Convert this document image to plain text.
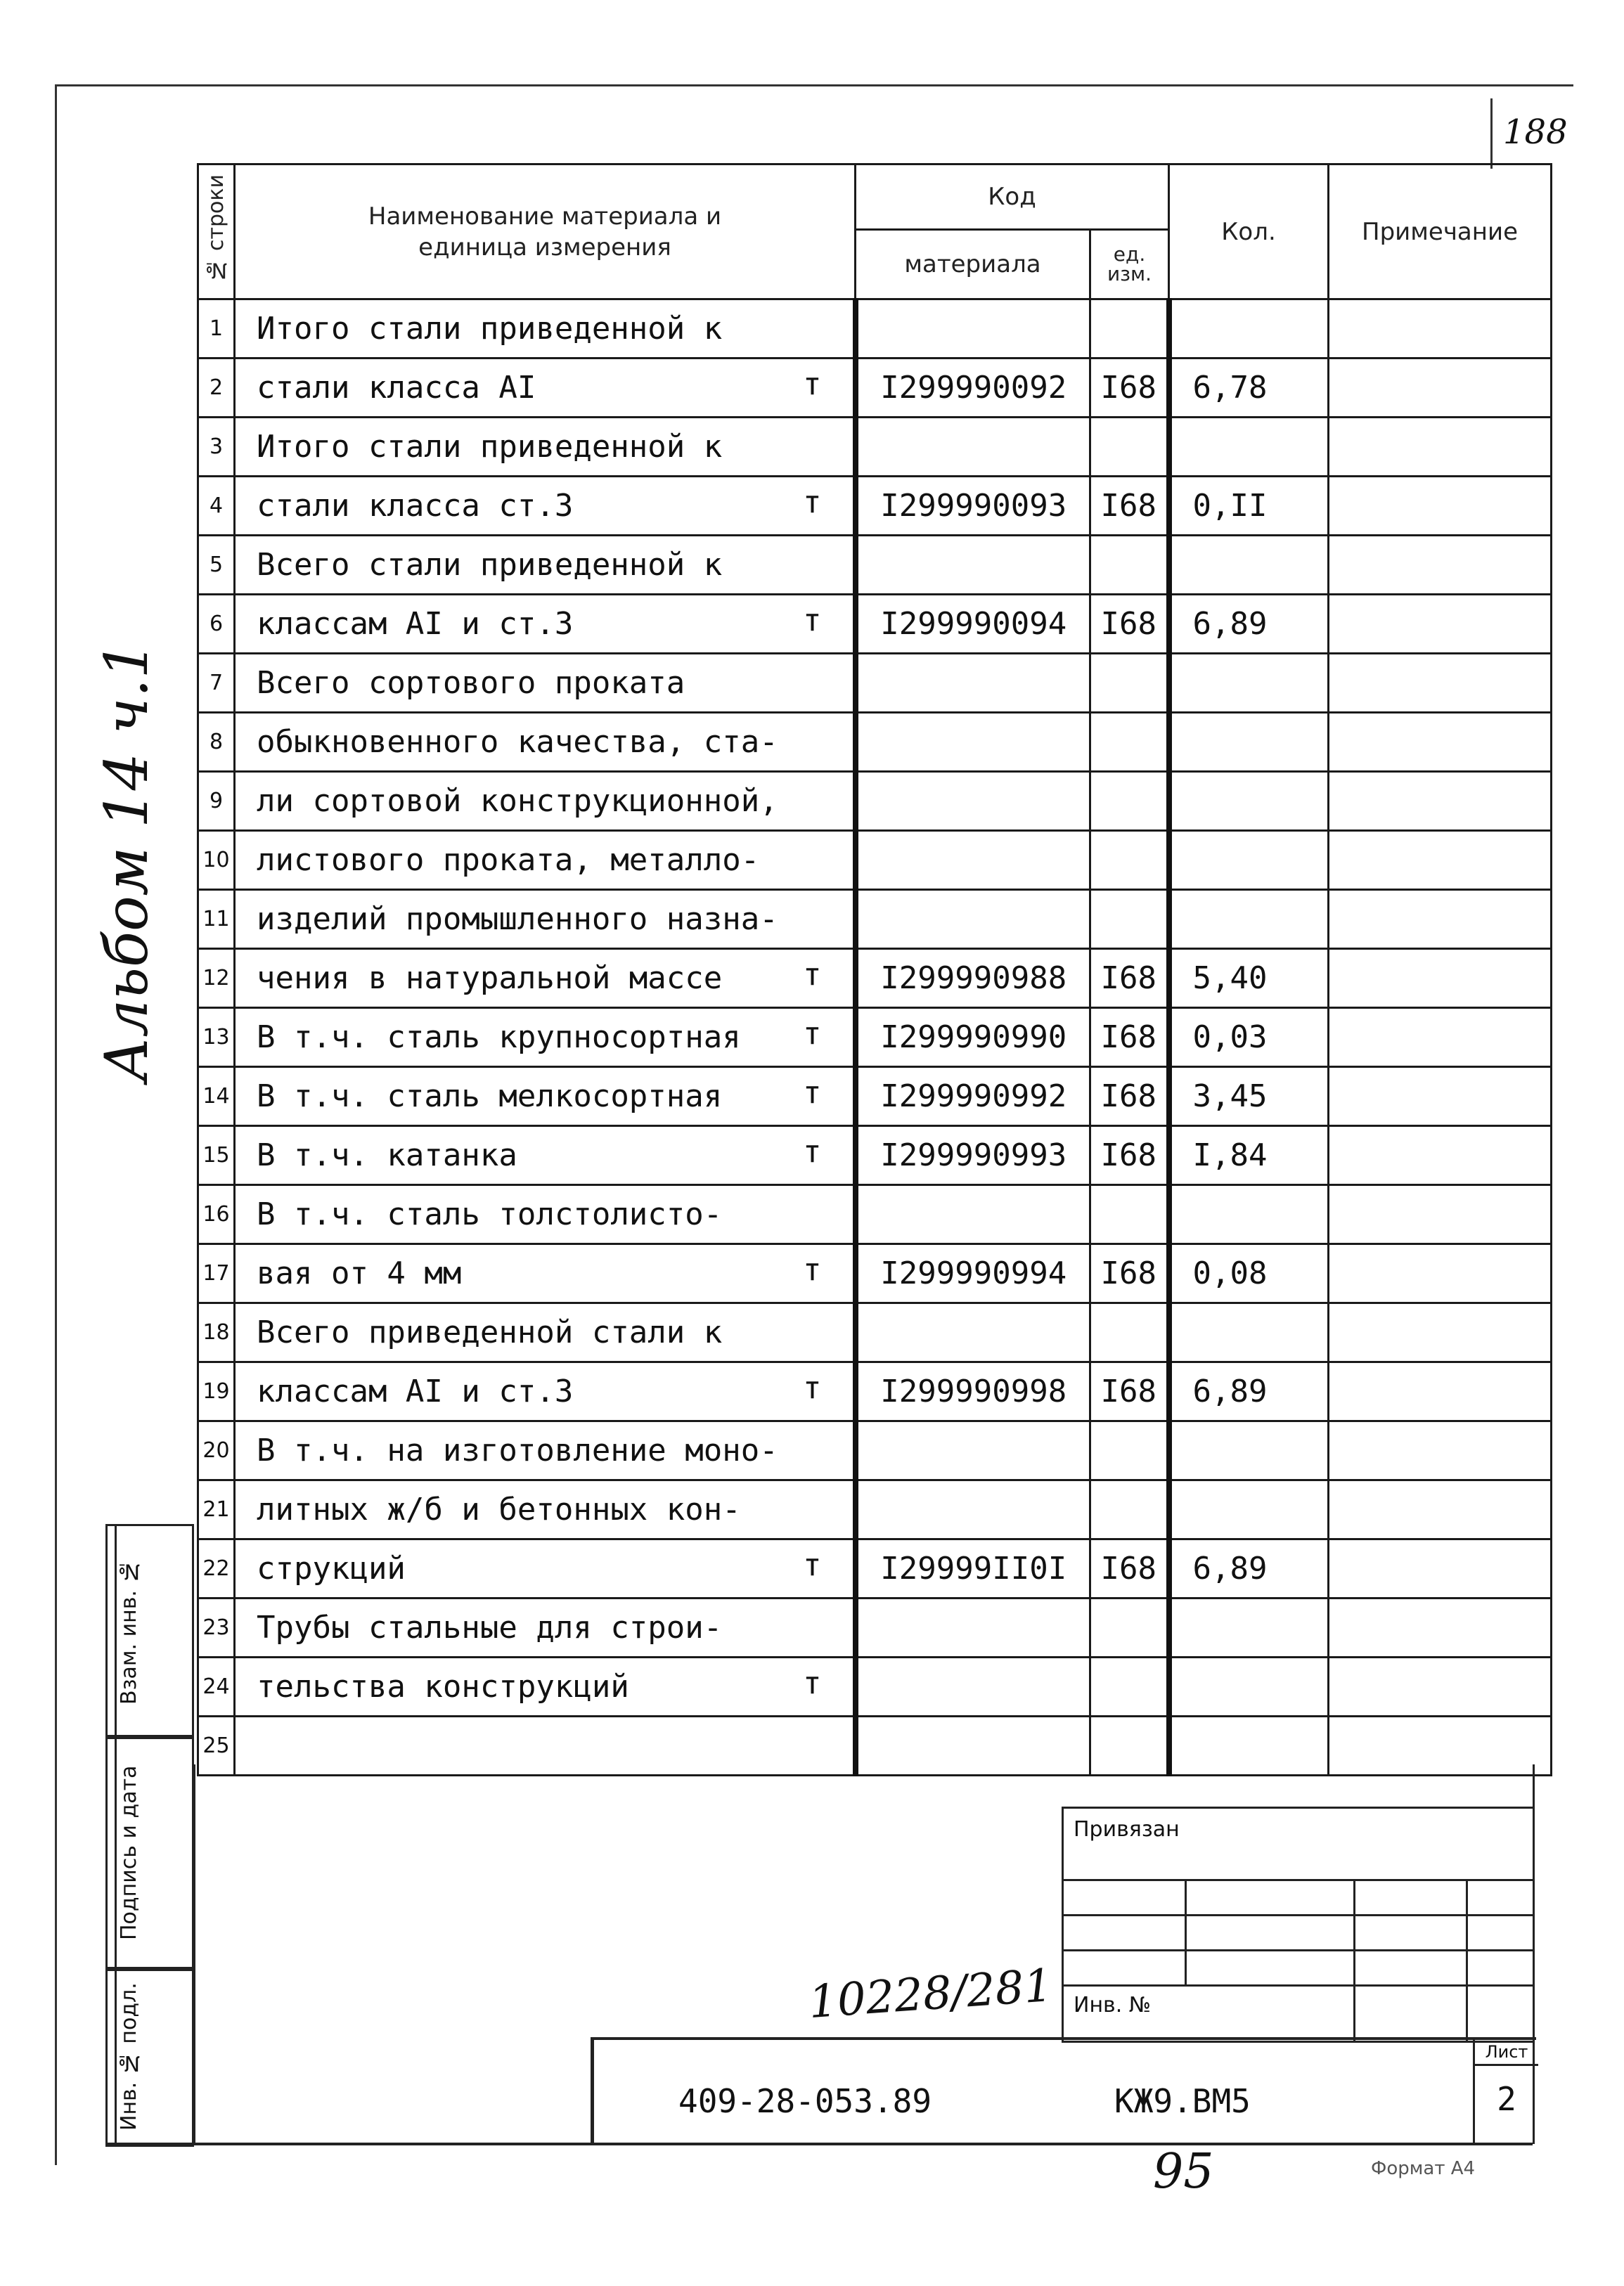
188
Альбом 14 ч.1
№ строки	Наименование материала и единица измерения	Код		Кол.	Примечание
		материала	ед. изм.		
1	Итого стали приведенной к

2	стали класса АI т	I299990092	I68	6,78	
3	Итого стали приведенной к

4	стали класса ст.3 т	I299990093	I68	0,II	
5	Всего стали приведенной к

6	классам АI и ст.3 т	I299990094	I68	6,89	
7	Всего сортового проката

8	обыкновенного качества, ста-

9	ли сортовой конструкционной,

10	листового проката, металло-

11	изделий промышленного назна-

12	чения в натуральной массе т	I299990988	I68	5,40	
13	В т.ч. сталь крупносортная т	I299990990	I68	0,03	
14	В т.ч. сталь мелкосортная т	I299990992	I68	3,45	
15	В т.ч. катанка т	I299990993	I68	I,84	
16	В т.ч. сталь толстолисто-

17	вая от 4 мм т	I299990994	I68	0,08	
18	Всего приведенной стали к

19	классам АI и ст.3 т	I299990998	I68	6,89	
20	В т.ч. на изготовление моно-

21	литных ж/б и бетонных кон-

22	струкций т	I29999II0I	I68	6,89	
23	Трубы стальные для строи-

24	тельства конструкций т				

25	

Взам. инв. №
Подпись и дата
Инв. № подл.
Привязан
Инв. №
10228/281
409-28-053.89	КЖ9.ВМ5
Лист
2
95	Формат А4
